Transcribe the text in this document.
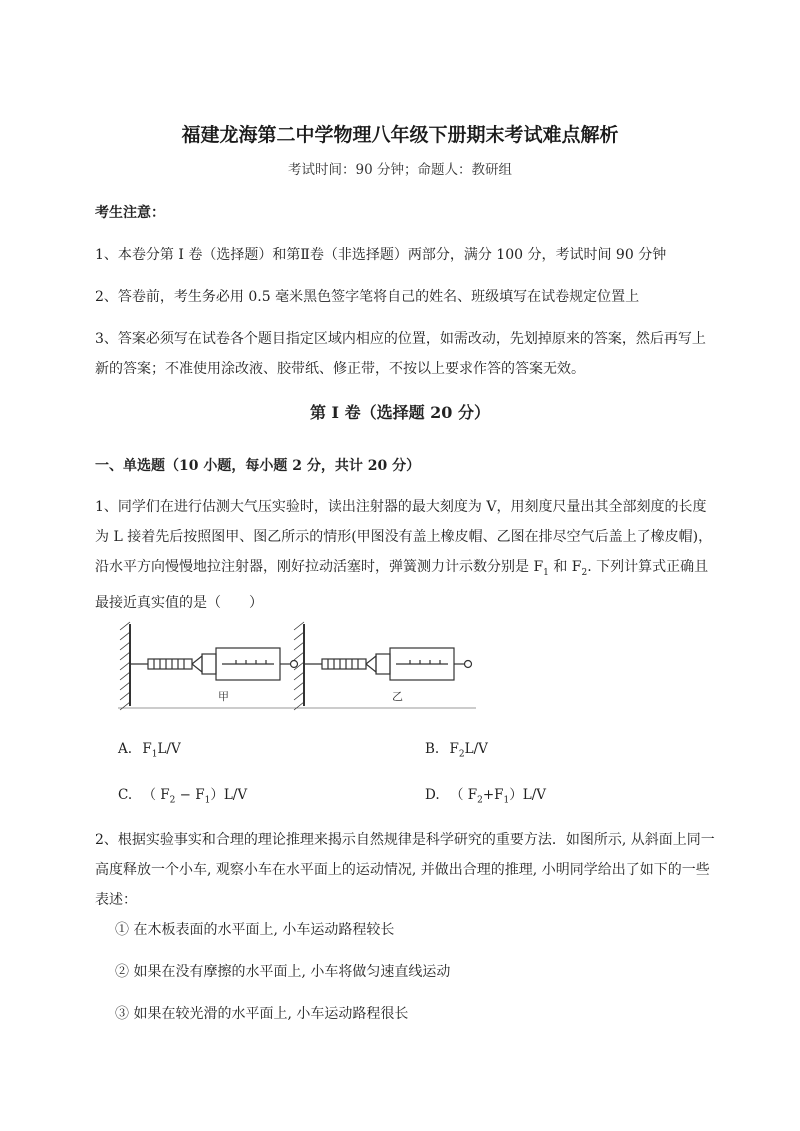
福建龙海第二中学物理八年级下册期末考试难点解析
考试时间：90 分钟；命题人：教研组
考生注意：
1、本卷分第 I 卷（选择题）和第Ⅱ卷（非选择题）两部分，满分 100 分，考试时间 90 分钟
2、答卷前，考生务必用 0.5 毫米黑色签字笔将自己的姓名、班级填写在试卷规定位置上
3、答案必须写在试卷各个题目指定区域内相应的位置，如需改动，先划掉原来的答案，然后再写上新的答案；不准使用涂改液、胶带纸、修正带，不按以上要求作答的答案无效。
第 I 卷（选择题 20 分）
一、单选题（10 小题，每小题 2 分，共计 20 分）
1、同学们在进行估测大气压实验时，读出注射器的最大刻度为 V，用刻度尺量出其全部刻度的长度为 L 接着先后按照图甲、图乙所示的情形(甲图没有盖上橡皮帽、乙图在排尽空气后盖上了橡皮帽)，沿水平方向慢慢地拉注射器，刚好拉动活塞时，弹簧测力计示数分别是 $F_1$ 和 $F_2$. 下列计算式正确且最接近真实值的是（　　）
甲	乙
A. $F_1L/V$	B. $F_2L/V$
C. （ $F_2 - F_1)L/V$	D. （ $F_2+F_1)L/V$
2、根据实验事实和合理的理论推理来揭示自然规律是科学研究的重要方法．如图所示, 从斜面上同一高度释放一个小车, 观察小车在水平面上的运动情况, 并做出合理的推理, 小明同学给出了如下的一些表述：
① 在木板表面的水平面上, 小车运动路程较长
② 如果在没有摩擦的水平面上, 小车将做匀速直线运动
③ 如果在较光滑的水平面上, 小车运动路程很长
